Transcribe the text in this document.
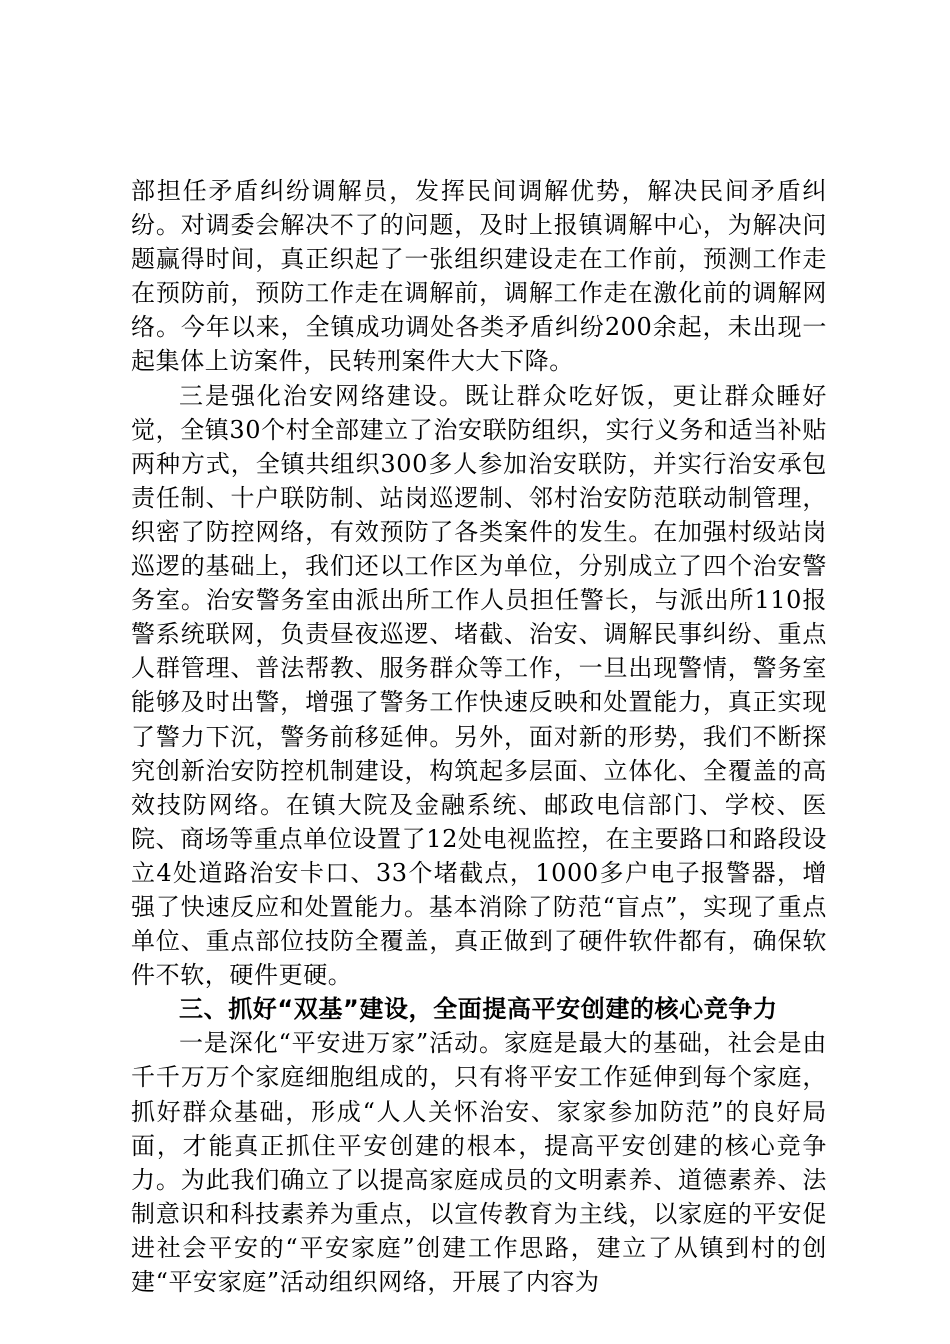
部担任矛盾纠纷调解员，发挥民间调解优势，解决民间矛盾纠纷。对调委会解决不了的问题，及时上报镇调解中心，为解决问题赢得时间，真正织起了一张组织建设走在工作前，预测工作走在预防前，预防工作走在调解前，调解工作走在激化前的调解网络。今年以来，全镇成功调处各类矛盾纠纷200余起，未出现一起集体上访案件，民转刑案件大大下降。

三是强化治安网络建设。既让群众吃好饭，更让群众睡好觉，全镇30个村全部建立了治安联防组织，实行义务和适当补贴两种方式，全镇共组织300多人参加治安联防，并实行治安承包责任制、十户联防制、站岗巡逻制、邻村治安防范联动制管理，织密了防控网络，有效预防了各类案件的发生。在加强村级站岗巡逻的基础上，我们还以工作区为单位，分别成立了四个治安警务室。治安警务室由派出所工作人员担任警长，与派出所110报警系统联网，负责昼夜巡逻、堵截、治安、调解民事纠纷、重点人群管理、普法帮教、服务群众等工作，一旦出现警情，警务室能够及时出警，增强了警务工作快速反映和处置能力，真正实现了警力下沉，警务前移延伸。另外，面对新的形势，我们不断探究创新治安防控机制建设，构筑起多层面、立体化、全覆盖的高效技防网络。在镇大院及金融系统、邮政电信部门、学校、医院、商场等重点单位设置了12处电视监控，在主要路口和路段设立4处道路治安卡口、33个堵截点，1000多户电子报警器，增强了快速反应和处置能力。基本消除了防范“盲点”，实现了重点单位、重点部位技防全覆盖，真正做到了硬件软件都有，确保软件不软，硬件更硬。

三、抓好“双基”建设，全面提高平安创建的核心竞争力

一是深化“平安进万家”活动。家庭是最大的基础，社会是由千千万万个家庭细胞组成的，只有将平安工作延伸到每个家庭，抓好群众基础，形成“人人关怀治安、家家参加防范”的良好局面，才能真正抓住平安创建的根本，提高平安创建的核心竞争力。为此我们确立了以提高家庭成员的文明素养、道德素养、法制意识和科技素养为重点，以宣传教育为主线，以家庭的平安促进社会平安的“平安家庭”创建工作思路，建立了从镇到村的创建“平安家庭”活动组织网络，开展了内容为
